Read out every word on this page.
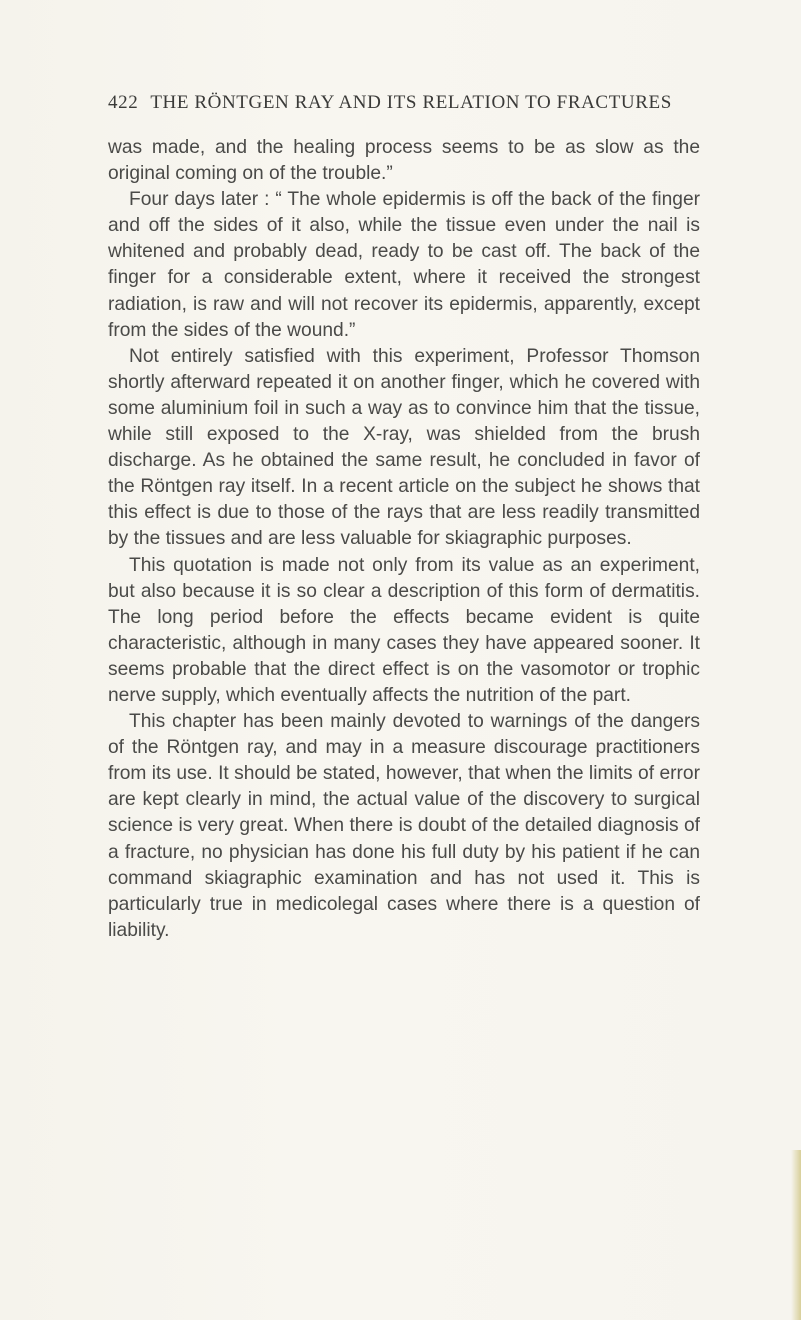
422 THE RÖNTGEN RAY AND ITS RELATION TO FRACTURES

was made, and the healing process seems to be as slow as the original coming on of the trouble.”

Four days later : “ The whole epidermis is off the back of the finger and off the sides of it also, while the tissue even under the nail is whitened and probably dead, ready to be cast off. The back of the finger for a considerable extent, where it received the strongest radiation, is raw and will not recover its epidermis, apparently, except from the sides of the wound.”

Not entirely satisfied with this experiment, Professor Thomson shortly afterward repeated it on another finger, which he covered with some aluminium foil in such a way as to convince him that the tissue, while still exposed to the X-ray, was shielded from the brush discharge. As he obtained the same result, he concluded in favor of the Röntgen ray itself. In a recent article on the subject he shows that this effect is due to those of the rays that are less readily transmitted by the tissues and are less valuable for skiagraphic purposes.

This quotation is made not only from its value as an experiment, but also because it is so clear a description of this form of dermatitis. The long period before the effects became evident is quite characteristic, although in many cases they have appeared sooner. It seems probable that the direct effect is on the vasomotor or trophic nerve supply, which eventually affects the nutrition of the part.

This chapter has been mainly devoted to warnings of the dangers of the Röntgen ray, and may in a measure discourage practitioners from its use. It should be stated, however, that when the limits of error are kept clearly in mind, the actual value of the discovery to surgical science is very great. When there is doubt of the detailed diagnosis of a fracture, no physician has done his full duty by his patient if he can command skiagraphic examination and has not used it. This is particularly true in medicolegal cases where there is a question of liability.
